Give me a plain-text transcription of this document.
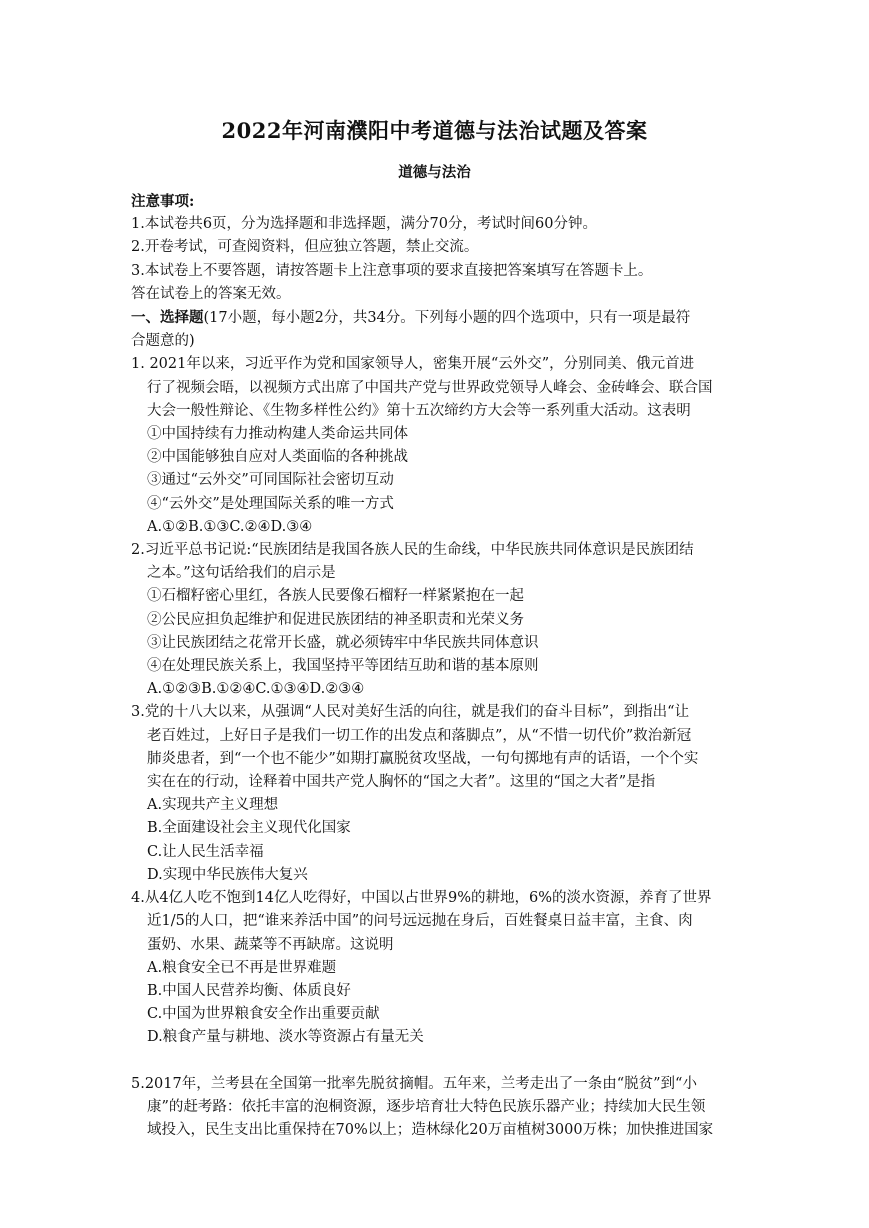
2022年河南濮阳中考道德与法治试题及答案
道德与法治
注意事项:
1.本试卷共6页，分为选择题和非选择题，满分70分，考试时间60分钟。
2.开卷考试，可查阅资料，但应独立答题，禁止交流。
3.本试卷上不要答题，请按答题卡上注意事项的要求直接把答案填写在答题卡上。
答在试卷上的答案无效。
一、选择题(17小题，每小题2分，共34分。下列每小题的四个选项中，只有一项是最符
合题意的)
1. 2021年以来，习近平作为党和国家领导人，密集开展“云外交”，分别同美、俄元首进
行了视频会晤，以视频方式出席了中国共产党与世界政党领导人峰会、金砖峰会、联合国
大会一般性辩论、《生物多样性公约》第十五次缔约方大会等一系列重大活动。这表明
①中国持续有力推动构建人类命运共同体
②中国能够独自应对人类面临的各种挑战
③通过“云外交”可同国际社会密切互动
④“云外交”是处理国际关系的唯一方式
A.①②B.①③C.②④D.③④
2.习近平总书记说:“民族团结是我国各族人民的生命线，中华民族共同体意识是民族团结
之本。”这句话给我们的启示是
①石榴籽密心里红，各族人民要像石榴籽一样紧紧抱在一起
②公民应担负起维护和促进民族团结的神圣职责和光荣义务
③让民族团结之花常开长盛，就必须铸牢中华民族共同体意识
④在处理民族关系上，我国坚持平等团结互助和谐的基本原则
A.①②③B.①②④C.①③④D.②③④
3.党的十八大以来，从强调“人民对美好生活的向往，就是我们的奋斗目标”，到指出“让
老百姓过，上好日子是我们一切工作的出发点和落脚点”，从“不惜一切代价”救治新冠
肺炎患者，到“一个也不能少”如期打赢脱贫攻坚战，一句句掷地有声的话语，一个个实
实在在的行动，诠释着中国共产党人胸怀的“国之大者”。这里的“国之大者”是指
A.实现共产主义理想
B.全面建设社会主义现代化国家
C.让人民生活幸福
D.实现中华民族伟大复兴
4.从4亿人吃不饱到14亿人吃得好，中国以占世界9%的耕地，6%的淡水资源，养育了世界
近1/5的人口，把“谁来养活中国”的问号远远抛在身后，百姓餐桌日益丰富，主食、肉
蛋奶、水果、蔬菜等不再缺席。这说明
A.粮食安全已不再是世界难题
B.中国人民营养均衡、体质良好
C.中国为世界粮食安全作出重要贡献
D.粮食产量与耕地、淡水等资源占有量无关
5.2017年，兰考县在全国第一批率先脱贫摘帽。五年来，兰考走出了一条由“脱贫”到“小
康”的赶考路：依托丰富的泡桐资源，逐步培育壮大特色民族乐器产业；持续加大民生领
域投入，民生支出比重保持在70%以上；造林绿化20万亩植树3000万株；加快推进国家
